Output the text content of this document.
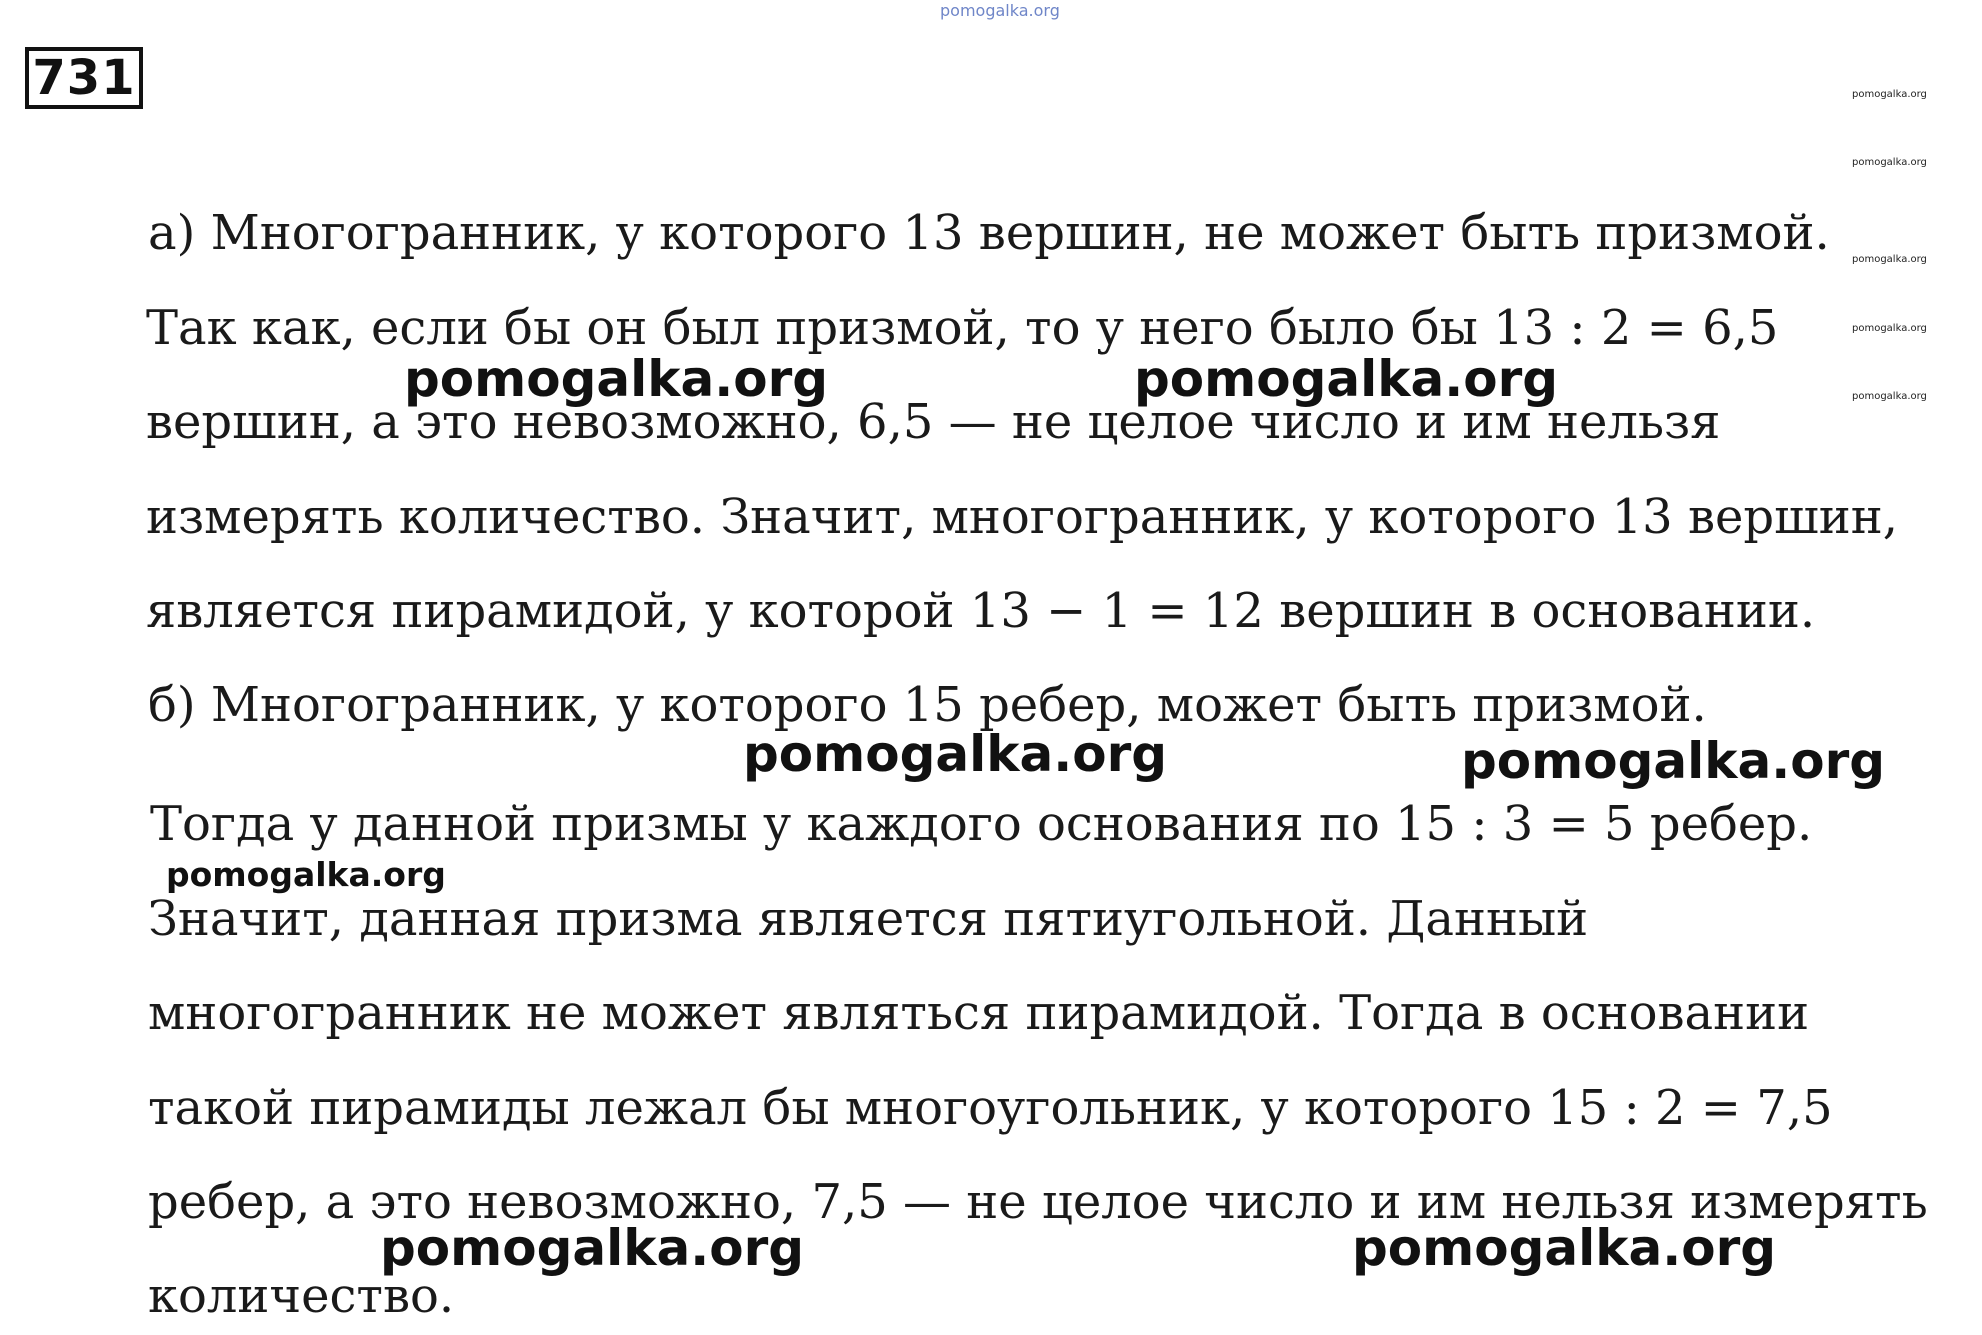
pomogalka.org
731	pomogalka.org
pomogalka.org
pomogalka.org
pomogalka.org
pomogalka.org
а) Многогранник, у которого 13 вершин, не может быть призмой.
Так как, если бы он был призмой, то у него было бы 13 : 2 = 6,5
вершин, а это невозможно, 6,5 — не целое число и им нельзя
измерять количество. Значит, многогранник, у которого 13 вершин,
является пирамидой, у которой 13 − 1 = 12 вершин в основании.
б) Многогранник, у которого 15 ребер, может быть призмой.
Тогда у данной призмы у каждого основания по 15 : 3 = 5 ребер.
Значит, данная призма является пятиугольной. Данный
многогранник не может являться пирамидой. Тогда в основании
такой пирамиды лежал бы многоугольник, у которого 15 : 2 = 7,5
ребер, а это невозможно, 7,5 — не целое число и им нельзя измерять
количество.
pomogalka.org	pomogalka.org
pomogalka.org	pomogalka.org
pomogalka.org
pomogalka.org	pomogalka.org
